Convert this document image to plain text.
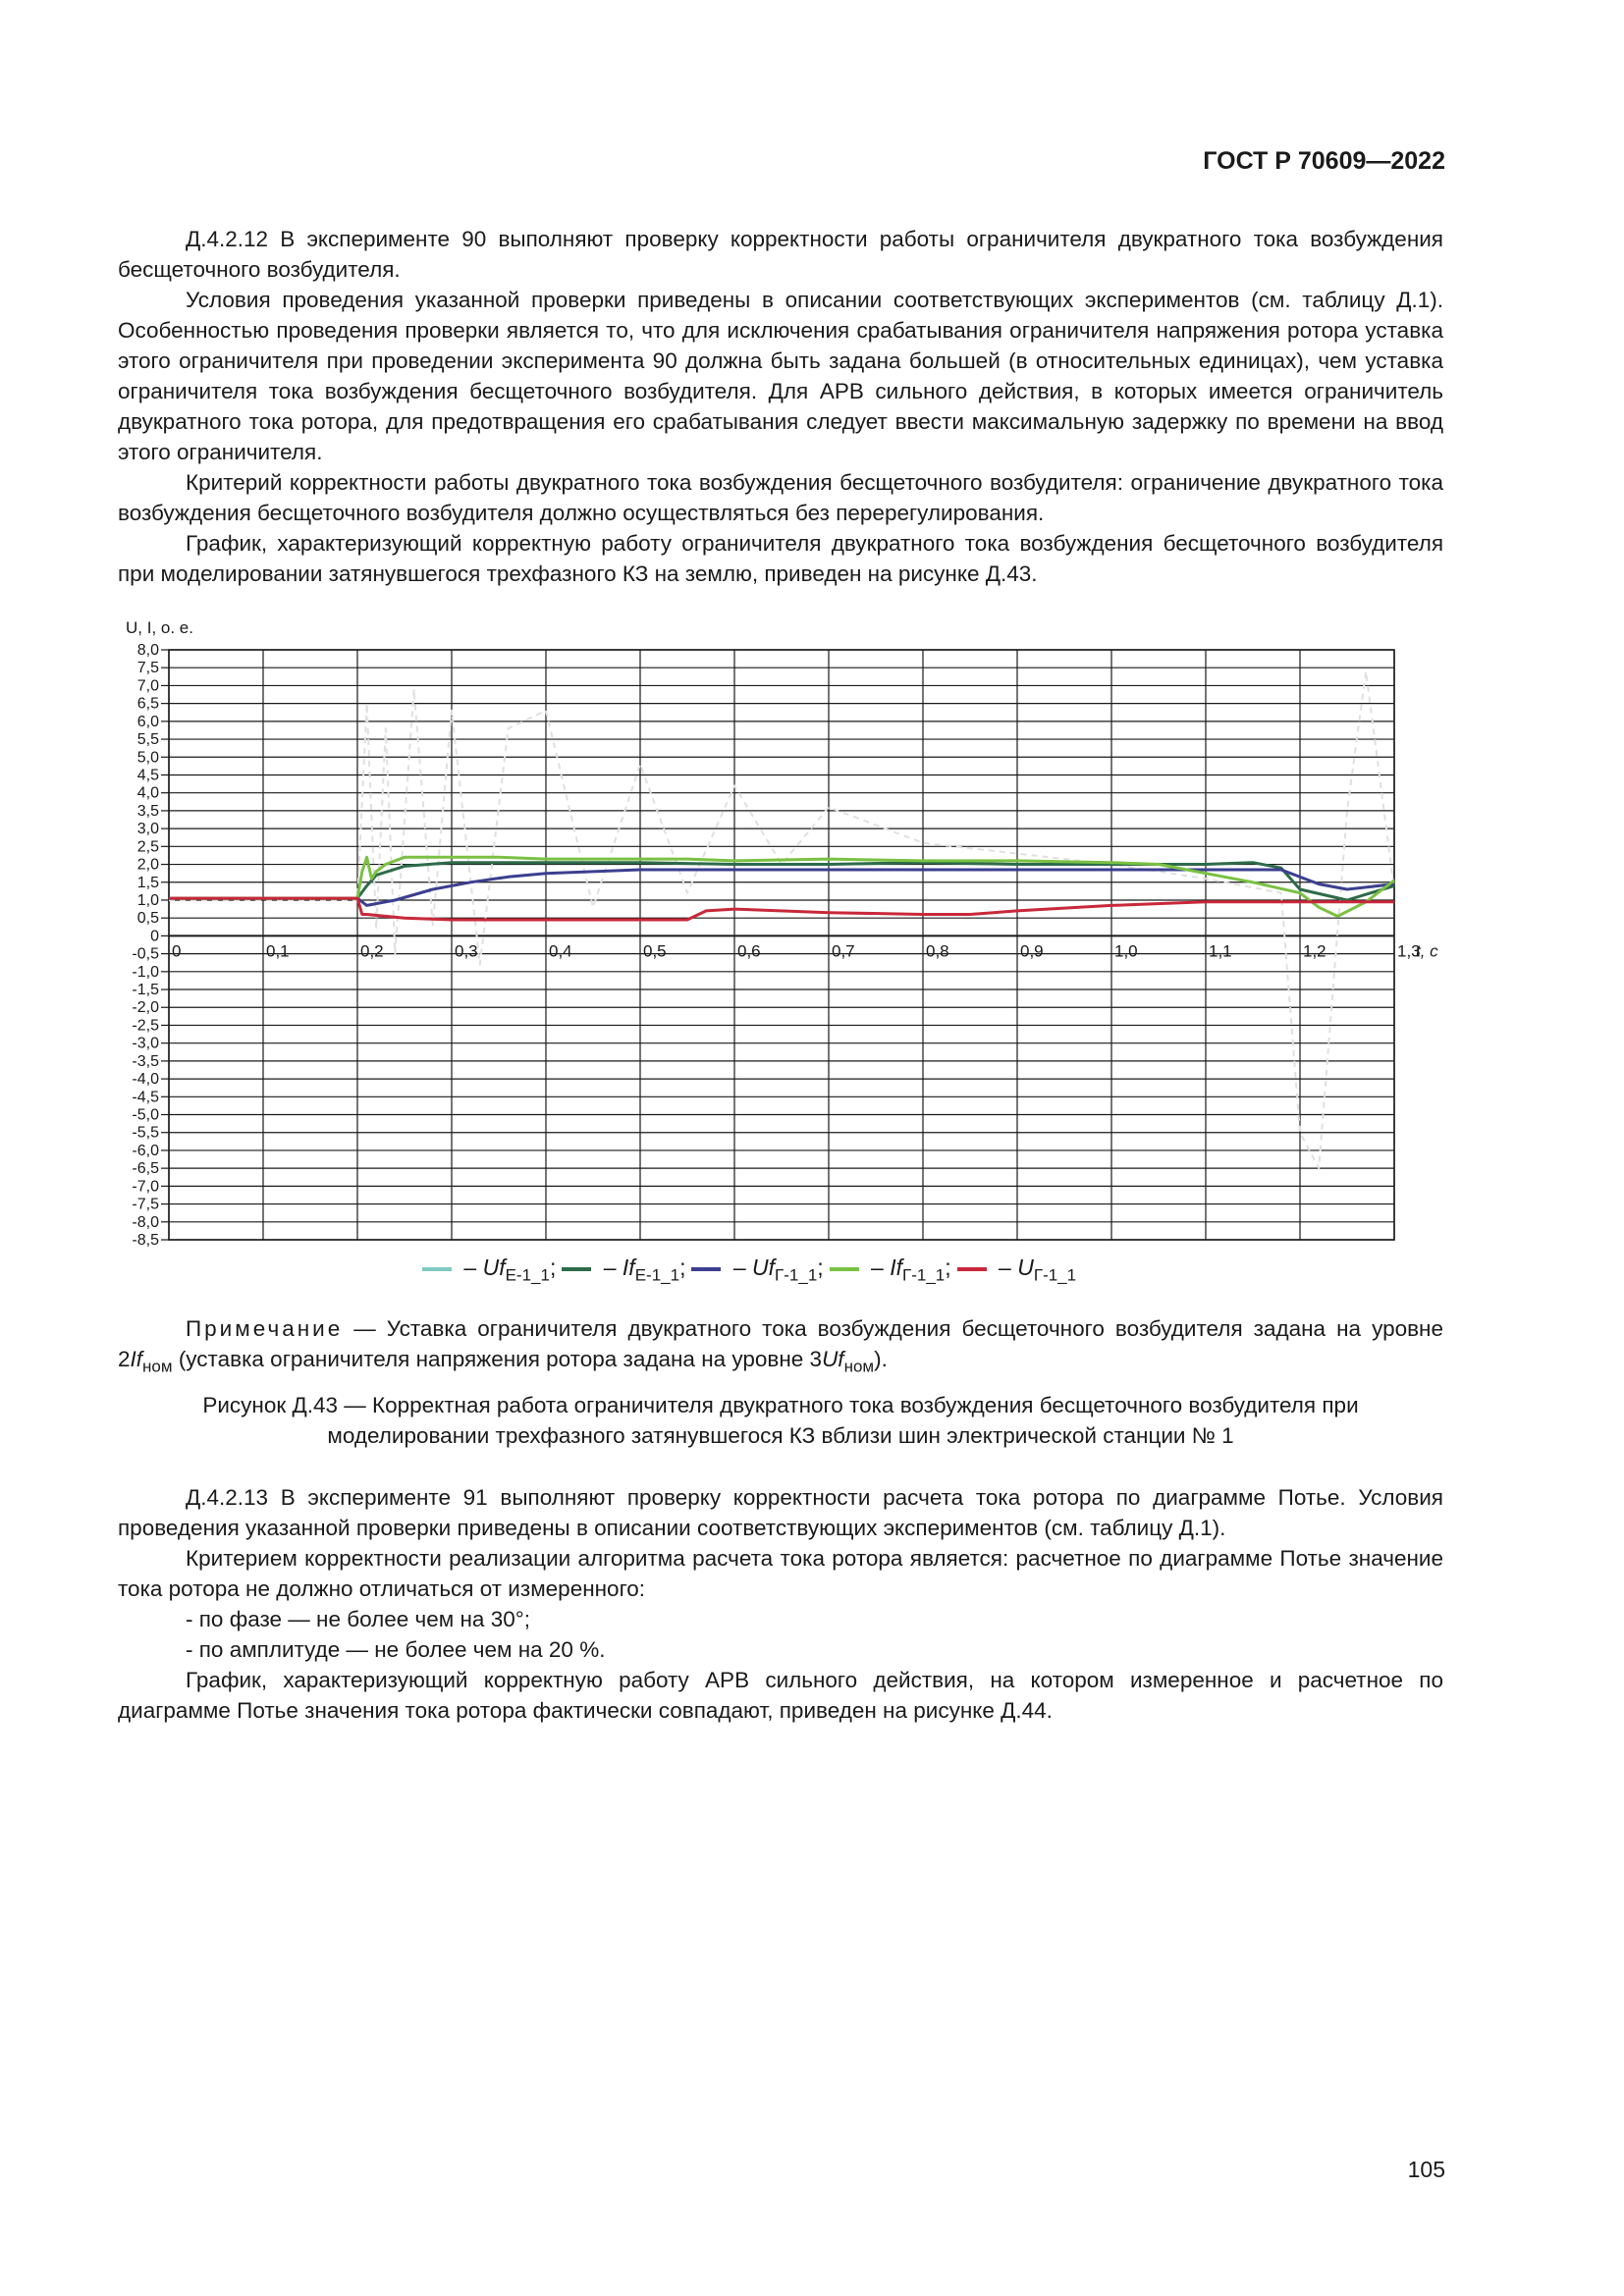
ГОСТ Р 70609—2022

Д.4.2.12 В эксперименте 90 выполняют проверку корректности работы ограничителя двукратного тока возбуждения бесщеточного возбудителя.

Условия проведения указанной проверки приведены в описании соответствующих экспериментов (см. таблицу Д.1). Особенностью проведения проверки является то, что для исключения срабатывания ограничителя напряжения ротора уставка этого ограничителя при проведении эксперимента 90 должна быть задана большей (в относительных единицах), чем уставка ограничителя тока возбуждения бесщеточного возбудителя. Для АРВ сильного действия, в которых имеется ограничитель двукратного тока ротора, для предотвращения его срабатывания следует ввести максимальную задержку по времени на ввод этого ограничителя.

Критерий корректности работы двукратного тока возбуждения бесщеточного возбудителя: ограничение двукратного тока возбуждения бесщеточного возбудителя должно осуществляться без перерегулирования.

График, характеризующий корректную работу ограничителя двукратного тока возбуждения бесщеточного возбудителя при моделировании затянувшегося трехфазного КЗ на землю, приведен на рисунке Д.43.

U, I, о. е.
8,0
7,5
7,0
6,5
6,0
5,5
5,0
4,5
4,0
3,5
3,0
2,5
2,0
1,5
1,0
0,5
0
-0,5
-1,0
-1,5
-2,0
-2,5
-3,0
-3,5
-4,0
-4,5
-5,0
-5,5
-6,0
-6,5
-7,0
-7,5
-8,0
-8,5
0	0,1	0,2	0,3	0,4	0,5	0,6	0,7	0,8	0,9	1,0	1,1	1,2	1,3
t, с
– $Uf_{Е-1\_1}$; – $If_{Е-1\_1}$; – $Uf_{Г-1\_1}$; – $If_{Г-1\_1}$; – $U_{Г-1\_1}$

Примечание — Уставка ограничителя двукратного тока возбуждения бесщеточного возбудителя задана на уровне $2If_{ном}$ (уставка ограничителя напряжения ротора задана на уровне $3Uf_{ном}$).

Рисунок Д.43 — Корректная работа ограничителя двукратного тока возбуждения бесщеточного возбудителя при
моделировании трехфазного затянувшегося КЗ вблизи шин электрической станции № 1

Д.4.2.13 В эксперименте 91 выполняют проверку корректности расчета тока ротора по диаграмме Потье. Условия проведения указанной проверки приведены в описании соответствующих экспериментов (см. таблицу Д.1).

Критерием корректности реализации алгоритма расчета тока ротора является: расчетное по диаграмме Потье значение тока ротора не должно отличаться от измеренного:

- по фазе — не более чем на 30°;

- по амплитуде — не более чем на 20 %.

График, характеризующий корректную работу АРВ сильного действия, на котором измеренное и расчетное по диаграмме Потье значения тока ротора фактически совпадают, приведен на рисунке Д.44.

105
